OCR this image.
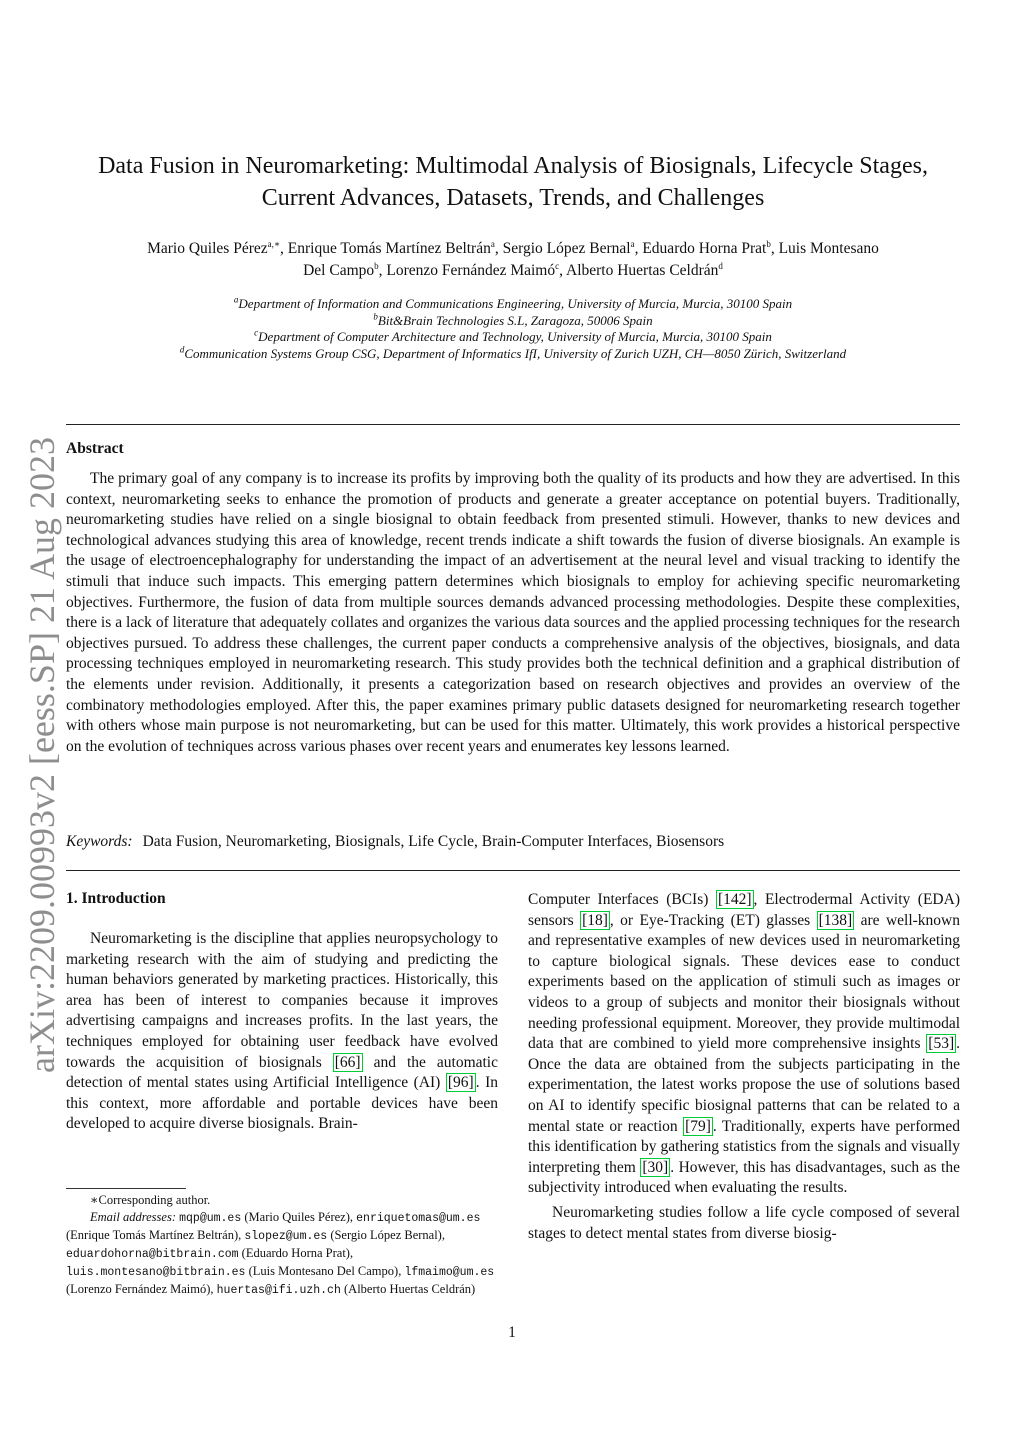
arXiv:2209.00993v2 [eess.SP] 21 Aug 2023
Data Fusion in Neuromarketing: Multimodal Analysis of Biosignals, Lifecycle Stages,
Current Advances, Datasets, Trends, and Challenges
Mario Quiles Pérez$^{a,∗}$, Enrique Tomás Martínez Beltrán$^a$, Sergio López Bernal$^a$, Eduardo Horna Prat$^b$, Luis Montesano
Del Campo$^b$, Lorenzo Fernández Maimó$^c$, Alberto Huertas Celdrán$^d$
$^a$Department of Information and Communications Engineering, University of Murcia, Murcia, 30100 Spain
$^b$Bit&Brain Technologies S.L, Zaragoza, 50006 Spain
$^c$Department of Computer Architecture and Technology, University of Murcia, Murcia, 30100 Spain
$^d$Communication Systems Group CSG, Department of Informatics IfI, University of Zurich UZH, CH—8050 Zürich, Switzerland
Abstract
The primary goal of any company is to increase its profits by improving both the quality of its products and how they are advertised. In this context, neuromarketing seeks to enhance the promotion of products and generate a greater acceptance on potential buyers. Traditionally, neuromarketing studies have relied on a single biosignal to obtain feedback from presented stimuli. However, thanks to new devices and technological advances studying this area of knowledge, recent trends indicate a shift towards the fusion of diverse biosignals. An example is the usage of electroencephalography for understanding the impact of an advertisement at the neural level and visual tracking to identify the stimuli that induce such impacts. This emerging pattern determines which biosignals to employ for achieving specific neuromarketing objectives. Furthermore, the fusion of data from multiple sources demands advanced processing methodologies. Despite these complexities, there is a lack of literature that adequately collates and organizes the various data sources and the applied processing techniques for the research objectives pursued. To address these challenges, the current paper conducts a comprehensive analysis of the objectives, biosignals, and data processing techniques employed in neuromarketing research. This study provides both the technical definition and a graphical distribution of the elements under revision. Additionally, it presents a categorization based on research objectives and provides an overview of the combinatory methodologies employed. After this, the paper examines primary public datasets designed for neuromarketing research together with others whose main purpose is not neuromarketing, but can be used for this matter. Ultimately, this work provides a historical perspective on the evolution of techniques across various phases over recent years and enumerates key lessons learned.
Keywords: Data Fusion, Neuromarketing, Biosignals, Life Cycle, Brain-Computer Interfaces, Biosensors
1. Introduction

Neuromarketing is the discipline that applies neuropsychology to marketing research with the aim of studying and predicting the human behaviors generated by marketing practices. Historically, this area has been of interest to companies because it improves advertising campaigns and increases profits. In the last years, the techniques employed for obtaining user feedback have evolved towards the acquisition of biosignals [66] and the automatic detection of mental states using Artificial Intelligence (AI) [96] . In this context, more affordable and portable devices have been developed to acquire diverse biosignals. Brain-

Computer Interfaces (BCIs) [142] , Electrodermal Activity (EDA) sensors [18] , or Eye-Tracking (ET) glasses [138] are well-known and representative examples of new devices used in neuromarketing to capture biological signals. These devices ease to conduct experiments based on the application of stimuli such as images or videos to a group of subjects and monitor their biosignals without needing professional equipment. Moreover, they provide multimodal data that are combined to yield more comprehensive insights [53] . Once the data are obtained from the subjects participating in the experimentation, the latest works propose the use of solutions based on AI to identify specific biosignal patterns that can be related to a mental state or reaction [79] . Traditionally, experts have performed this identification by gathering statistics from the signals and visually interpreting them [30] . However, this has disadvantages, such as the subjectivity introduced when evaluating the results.

Neuromarketing studies follow a life cycle composed of several stages to detect mental states from diverse biosig-

∗Corresponding author.

Email addresses: mqp@um.es (Mario Quiles Pérez), enriquetomas@um.es (Enrique Tomás Martínez Beltrán), slopez@um.es (Sergio López Bernal), eduardohorna@bitbrain.com (Eduardo Horna Prat), luis.montesano@bitbrain.es (Luis Montesano Del Campo), lfmaimo@um.es (Lorenzo Fernández Maimó), huertas@ifi.uzh.ch (Alberto Huertas Celdrán)

1
